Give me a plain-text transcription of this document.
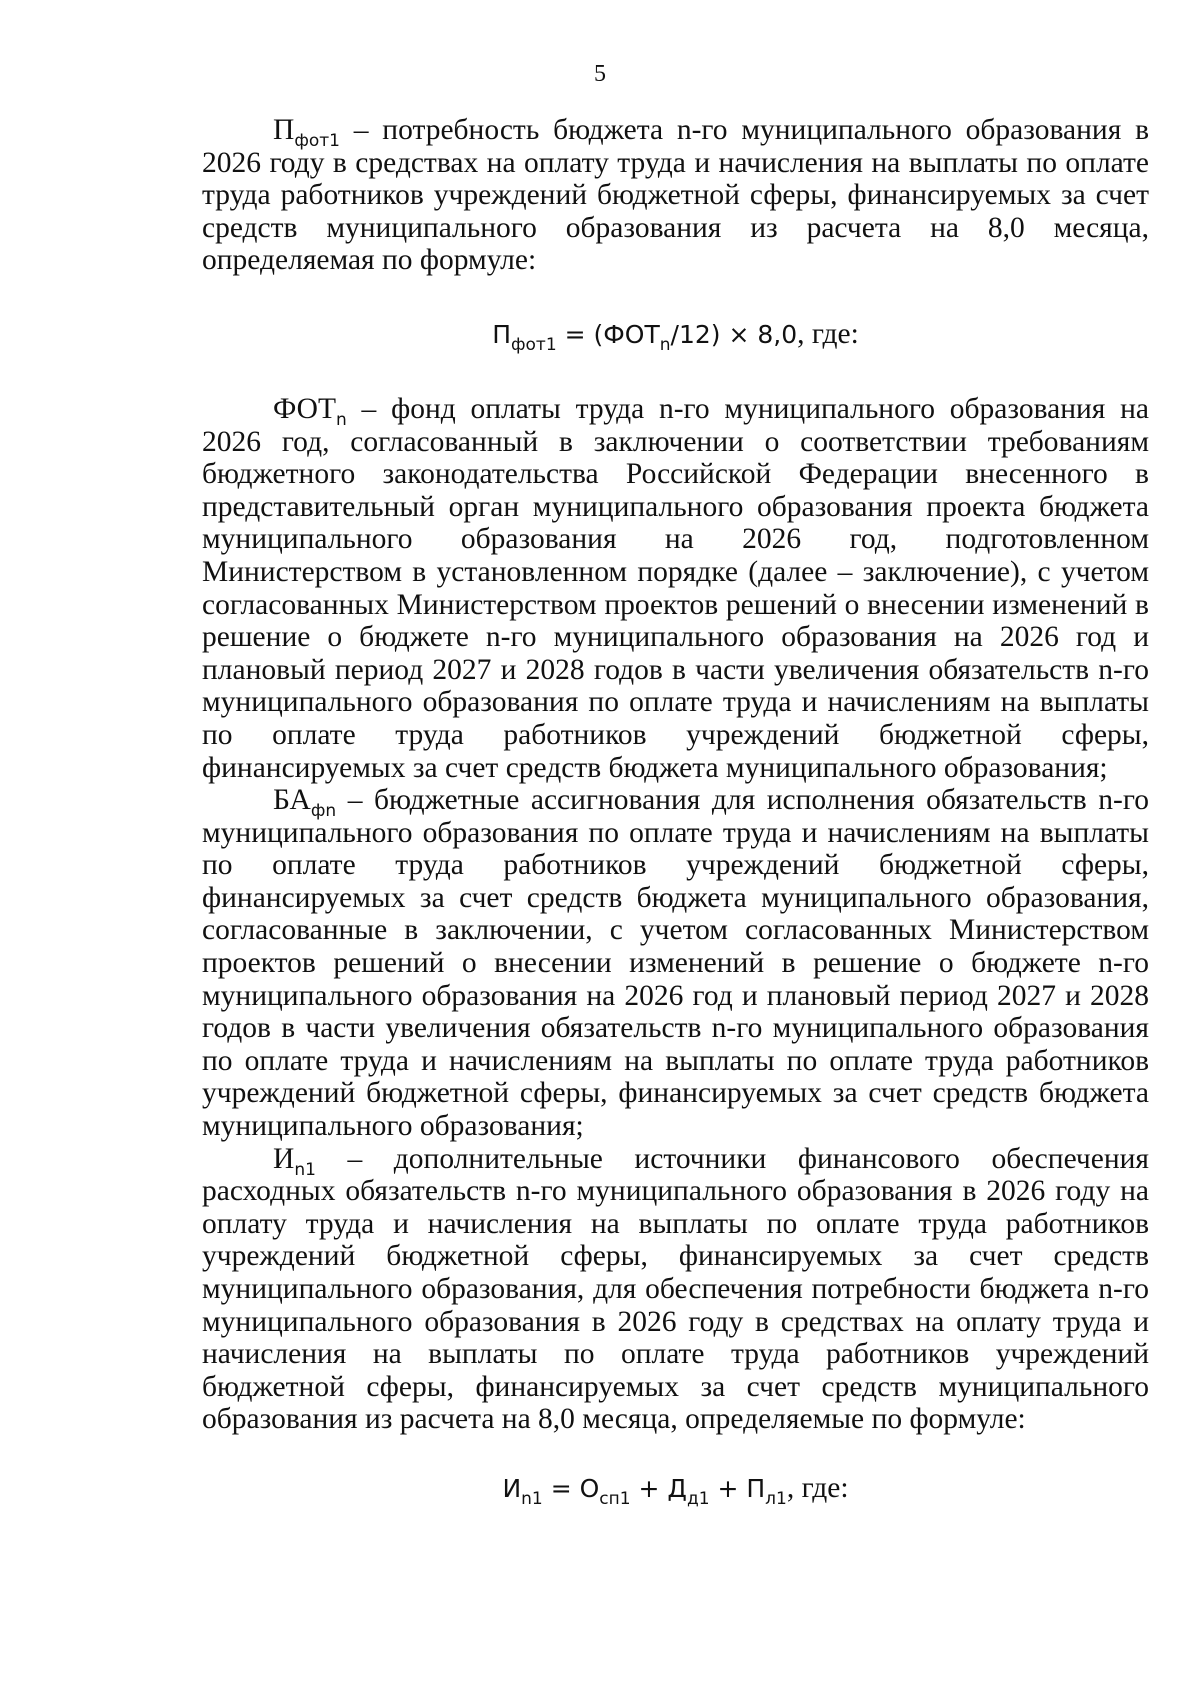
5

$П_{фот1}$ – потребность бюджета n-го муниципального образования в 2026 году в средствах на оплату труда и начисления на выплаты по оплате труда работников учреждений бюджетной сферы, финансируемых за счет средств муниципального образования из расчета на 8,0 месяца, определяемая по формуле:

$П_{фот1} = (ФОТ_n/12) \times 8,0$, где:

$ФОТ_n$ – фонд оплаты труда n-го муниципального образования на 2026 год, согласованный в заключении о соответствии требованиям бюджетного законодательства Российской Федерации внесенного в представительный орган муниципального образования проекта бюджета муниципального образования на 2026 год, подготовленном Министерством в установленном порядке (далее – заключение), с учетом согласованных Министерством проектов решений о внесении изменений в решение о бюджете n-го муниципального образования на 2026 год и плановый период 2027 и 2028 годов в части увеличения обязательств n-го муниципального образования по оплате труда и начислениям на выплаты по оплате труда работников учреждений бюджетной сферы, финансируемых за счет средств бюджета муниципального образования;

$БА_{фn}$ – бюджетные ассигнования для исполнения обязательств n-го муниципального образования по оплате труда и начислениям на выплаты по оплате труда работников учреждений бюджетной сферы, финансируемых за счет средств бюджета муниципального образования, согласованные в заключении, с учетом согласованных Министерством проектов решений о внесении изменений в решение о бюджете n-го муниципального образования на 2026 год и плановый период 2027 и 2028 годов в части увеличения обязательств n-го муниципального образования по оплате труда и начислениям на выплаты по оплате труда работников учреждений бюджетной сферы, финансируемых за счет средств бюджета муниципального образования;

$И_{n1}$ – дополнительные источники финансового обеспечения расходных обязательств n-го муниципального образования в 2026 году на оплату труда и начисления на выплаты по оплате труда работников учреждений бюджетной сферы, финансируемых за счет средств муниципального образования, для обеспечения потребности бюджета n-го муниципального образования в 2026 году в средствах на оплату труда и начисления на выплаты по оплате труда работников учреждений бюджетной сферы, финансируемых за счет средств муниципального образования из расчета на 8,0 месяца, определяемые по формуле:

$И_{n1} = О_{сп1} + Д_{д1} + П_{л1}$, где:
